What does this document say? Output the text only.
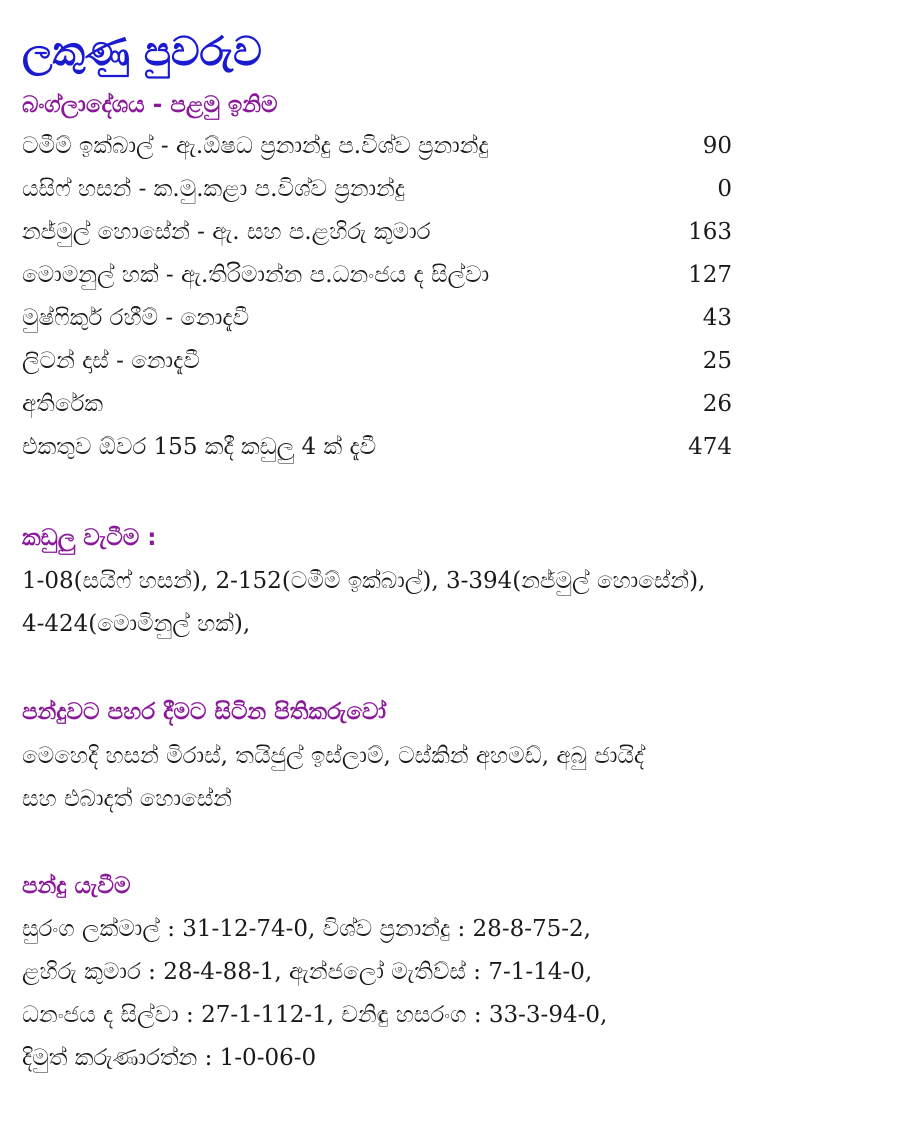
ලකුණු පුවරුව
බංග්ලාදේශය - පළමු ඉනිම
ටමීම් ඉක්බාල් - ඇ.ඕෂධ ප්‍රනාන්දු ප.විශ්ව ප්‍රනාන්දු	90
යසිෆ් හසන් - ක.මු.කළා ප.විශ්ව ප්‍රනාන්දු	0
නජ්මුල් හොසේන් - ඇ. සහ ප.ළහිරු කුමාර	163
මොමනුල් හක් - ඇ.තිරිමාන්න ප.ධනංජය ද සිල්වා	127
මුෂ්ෆිකුර් රහීම් - නොදැවී	43
ලිටන් දාස් - නොදැවී	25
අතිරේක	26
එකතුව ඕවර 155 කදී කඩුලු 4 ක් දැවී	474
කඩුලු වැටීම :
1-08(සයිෆ් හසන්), 2-152(ටමීම් ඉක්බාල්), 3-394(නජ්මුල් හොසේන්),
4-424(මොමිනුල් හක්),
පන්දුවට පහර දීමට සිටින පිතිකරුවෝ
මෙහෙදි හසන් මිරාස්, තයිජුල් ඉස්ලාම්, ටස්කින් අහමඩ්, අබු ජායිද්
සහ එබාදත් හොසේන්
පන්දු යැවීම
සුරංග ලක්මාල් : 31-12-74-0, විශ්ව ප්‍රනාන්දු : 28-8-75-2,
ළහිරු කුමාර : 28-4-88-1, ඇන්ජලෝ මැතිව්ස් : 7-1-14-0,
ධනංජය ද සිල්වා : 27-1-112-1, චනිඳු හසරංග : 33-3-94-0,
දිමුත් කරුණාරත්න : 1-0-06-0
